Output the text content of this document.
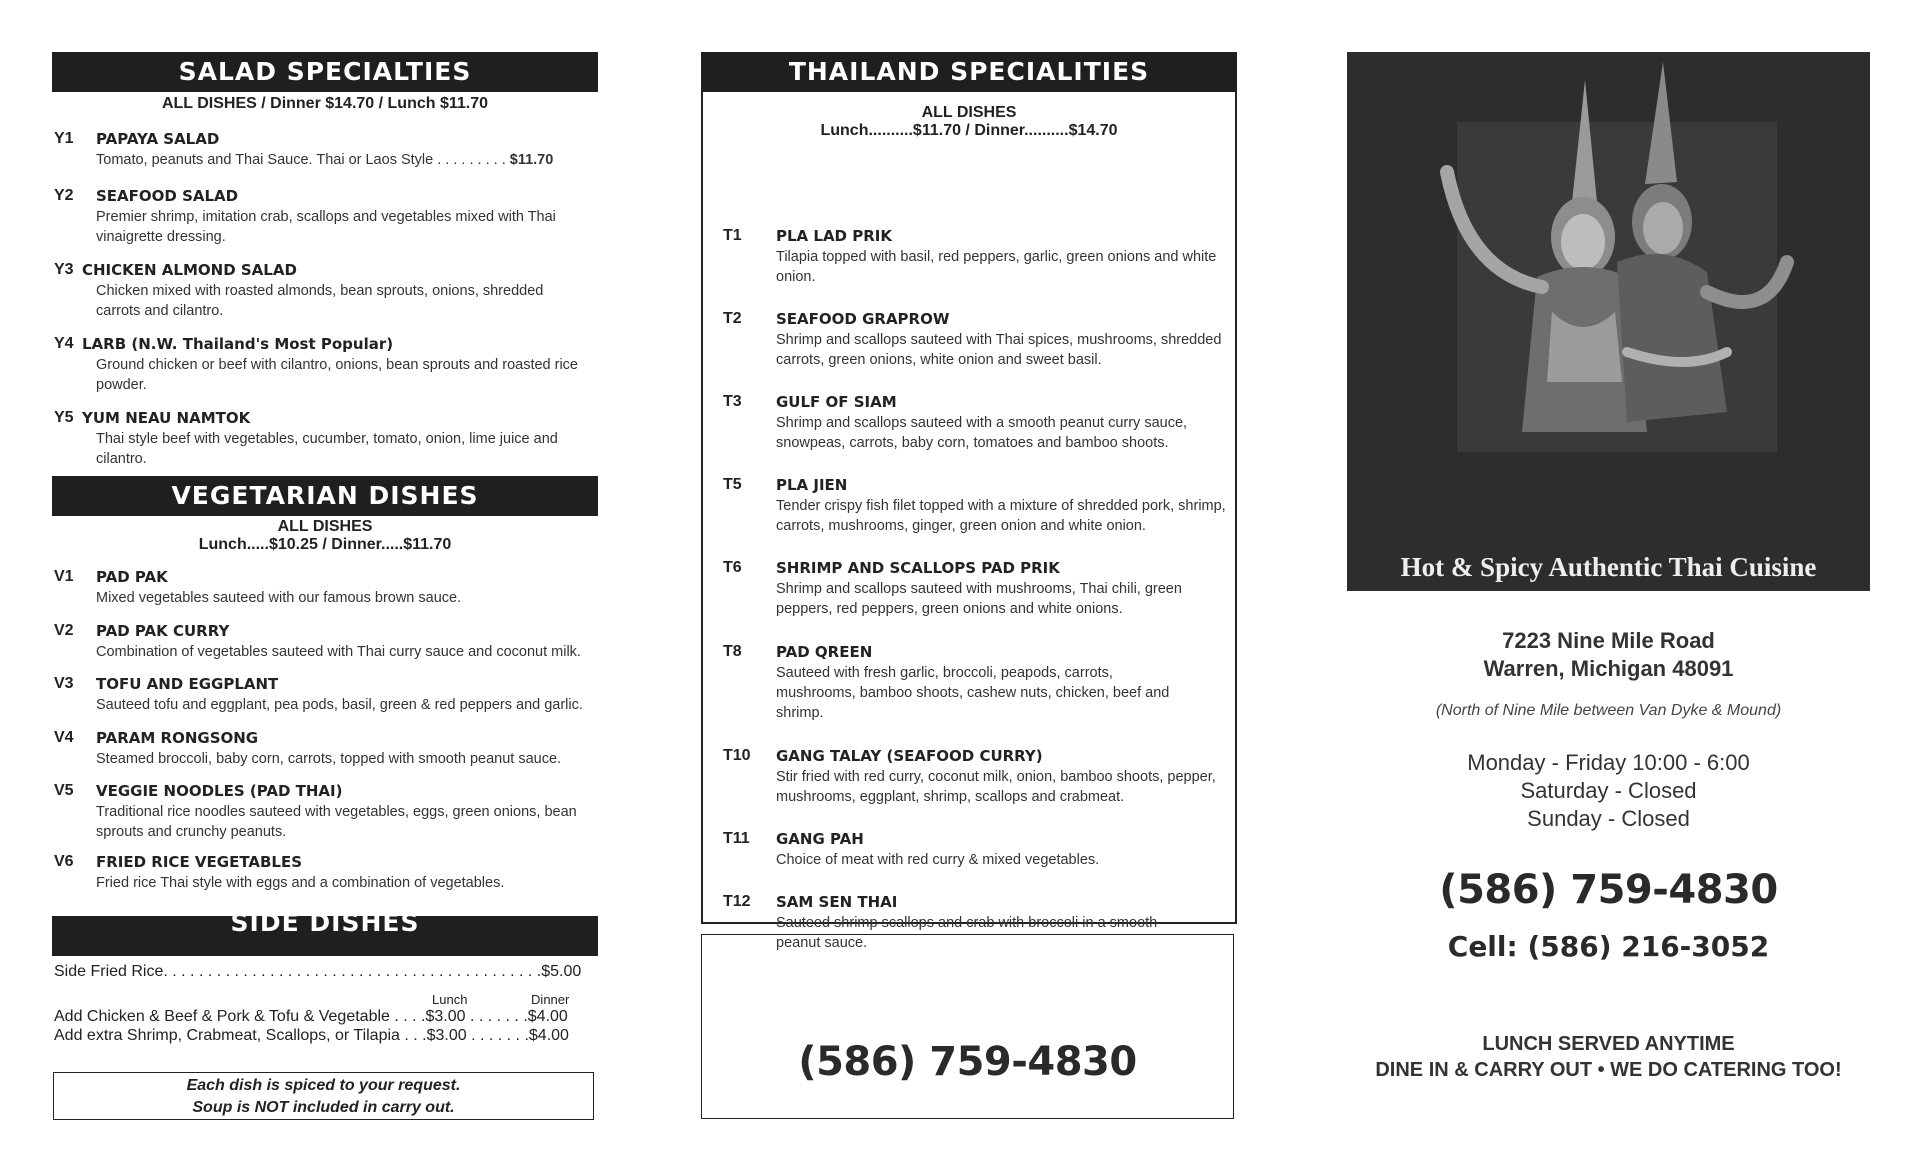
SALAD SPECIALTIES
ALL DISHES / Dinner $14.70 / Lunch $11.70
Y1 PAPAYA SALAD
Tomato, peanuts and Thai Sauce. Thai or Laos Style . . . . . . . . . $11.70
Y2 SEAFOOD SALAD
Premier shrimp, imitation crab, scallops and vegetables mixed with Thai vinaigrette dressing.
Y3 CHICKEN ALMOND SALAD
Chicken mixed with roasted almonds, bean sprouts, onions, shredded carrots and cilantro.
Y4 LARB (N.W. Thailand's Most Popular)
Ground chicken or beef with cilantro, onions, bean sprouts and roasted rice powder.
Y5 YUM NEAU NAMTOK
Thai style beef with vegetables, cucumber, tomato, onion, lime juice and cilantro.
VEGETARIAN DISHES
ALL DISHES
Lunch.....$10.25 / Dinner.....$11.70
V1 PAD PAK
Mixed vegetables sauteed with our famous brown sauce.
V2 PAD PAK CURRY
Combination of vegetables sauteed with Thai curry sauce and coconut milk.
V3 TOFU AND EGGPLANT
Sauteed tofu and eggplant, pea pods, basil, green & red peppers and garlic.
V4 PARAM RONGSONG
Steamed broccoli, baby corn, carrots, topped with smooth peanut sauce.
V5 VEGGIE NOODLES (PAD THAI)
Traditional rice noodles sauteed with vegetables, eggs, green onions, bean sprouts and crunchy peanuts.
V6 FRIED RICE VEGETABLES
Fried rice Thai style with eggs and a combination of vegetables.
SIDE DISHES
Side Fried Rice. . . . . . . . . . . . . . . . . . . . . . . . . . . . . . . . . . . . . . . . . . .$5.00
Lunch	Dinner
Add Chicken & Beef & Pork & Tofu & Vegetable . . . .$3.00 . . . . . . .$4.00
Add extra Shrimp, Crabmeat, Scallops, or Tilapia . . .$3.00 . . . . . . .$4.00
Each dish is spiced to your request.
Soup is NOT included in carry out.
THAILAND SPECIALITIES
ALL DISHES
Lunch..........$11.70 / Dinner..........$14.70
T1 PLA LAD PRIK
Tilapia topped with basil, red peppers, garlic, green onions and white onion.
T2 SEAFOOD GRAPROW
Shrimp and scallops sauteed with Thai spices, mushrooms, shredded carrots, green onions, white onion and sweet basil.
T3 GULF OF SIAM
Shrimp and scallops sauteed with a smooth peanut curry sauce, snowpeas, carrots, baby corn, tomatoes and bamboo shoots.
T5 PLA JIEN
Tender crispy fish filet topped with a mixture of shredded pork, shrimp, carrots, mushrooms, ginger, green onion and white onion.
T6 SHRIMP AND SCALLOPS PAD PRIK
Shrimp and scallops sauteed with mushrooms, Thai chili, green peppers, red peppers, green onions and white onions.
T8 PAD QREEN
Sauteed with fresh garlic, broccoli, peapods, carrots, mushrooms, bamboo shoots, cashew nuts, chicken, beef and shrimp.
T10 GANG TALAY (SEAFOOD CURRY)
Stir fried with red curry, coconut milk, onion, bamboo shoots, pepper, mushrooms, eggplant, shrimp, scallops and crabmeat.
T11 GANG PAH
Choice of meat with red curry & mixed vegetables.
T12 SAM SEN THAI
Sauteed shrimp scallops and crab with broccoli in a smooth peanut sauce.
(586) 759-4830
Hot & Spicy Authentic Thai Cuisine
7223 Nine Mile Road
Warren, Michigan 48091
(North of Nine Mile between Van Dyke & Mound)
Monday - Friday 10:00 - 6:00
Saturday - Closed
Sunday - Closed
(586) 759-4830
Cell: (586) 216-3052
LUNCH SERVED ANYTIME
DINE IN & CARRY OUT • WE DO CATERING TOO!
